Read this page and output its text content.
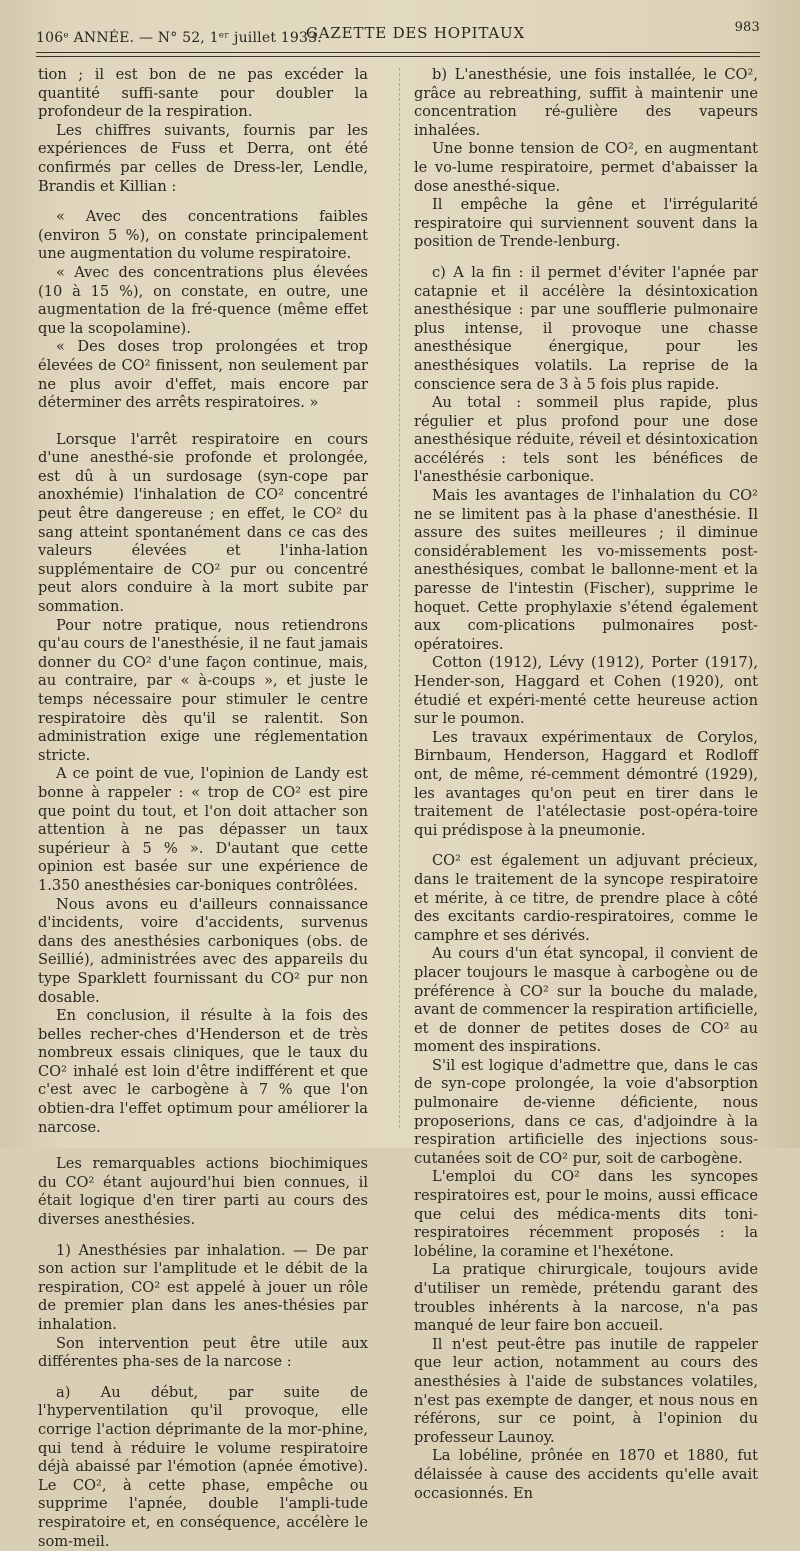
106ᵉ ANNÉE. — N° 52, 1ᵉʳ juillet 1933.
GAZETTE DES HOPITAUX	983

tion ; il est bon de ne pas excéder la quantité suffi-sante pour doubler la profondeur de la respiration.

Les chiffres suivants, fournis par les expériences de Fuss et Derra, ont été confirmés par celles de Dress-ler, Lendle, Brandis et Killian :

« Avec des concentrations faibles (environ 5 %), on constate principalement une augmentation du volume respiratoire.

« Avec des concentrations plus élevées (10 à 15 %), on constate, en outre, une augmentation de la fré-quence (même effet que la scopolamine).

« Des doses trop prolongées et trop élevées de CO² finissent, non seulement par ne plus avoir d'effet, mais encore par déterminer des arrêts respiratoires. »

Lorsque l'arrêt respiratoire en cours d'une anesthé-sie profonde et prolongée, est dû à un surdosage (syn-cope par anoxhémie) l'inhalation de CO² concentré peut être dangereuse ; en effet, le CO² du sang atteint spontanément dans ce cas des valeurs élevées et l'inha-lation supplémentaire de CO² pur ou concentré peut alors conduire à la mort subite par sommation.

Pour notre pratique, nous retiendrons qu'au cours de l'anesthésie, il ne faut jamais donner du CO² d'une façon continue, mais, au contraire, par « à-coups », et juste le temps nécessaire pour stimuler le centre respiratoire dès qu'il se ralentit. Son administration exige une réglementation stricte.

A ce point de vue, l'opinion de Landy est bonne à rappeler : « trop de CO² est pire que point du tout, et l'on doit attacher son attention à ne pas dépasser un taux supérieur à 5 % ». D'autant que cette opinion est basée sur une expérience de 1.350 anesthésies car-boniques contrôlées.

Nous avons eu d'ailleurs connaissance d'incidents, voire d'accidents, survenus dans des anesthésies carboniques (obs. de Seillié), administrées avec des appareils du type Sparklett fournissant du CO² pur non dosable.

En conclusion, il résulte à la fois des belles recher-ches d'Henderson et de très nombreux essais cliniques, que le taux du CO² inhalé est loin d'être indifférent et que c'est avec le carbogène à 7 % que l'on obtien-dra l'effet optimum pour améliorer la narcose.

Les remarquables actions biochimiques du CO² étant aujourd'hui bien connues, il était logique d'en tirer parti au cours des diverses anesthésies.

1) Anesthésies par inhalation. — De par son action sur l'amplitude et le débit de la respiration, CO² est appelé à jouer un rôle de premier plan dans les anes-thésies par inhalation.

Son intervention peut être utile aux différentes pha-ses de la narcose :

a) Au début, par suite de l'hyperventilation qu'il provoque, elle corrige l'action déprimante de la mor-phine, qui tend à réduire le volume respiratoire déjà abaissé par l'émotion (apnée émotive). Le CO², à cette phase, empêche ou supprime l'apnée, double l'ampli-tude respiratoire et, en conséquence, accélère le som-meil.

b) L'anesthésie, une fois installée, le CO², grâce au rebreathing, suffit à maintenir une concentration ré-gulière des vapeurs inhalées.

Une bonne tension de CO², en augmentant le vo-lume respiratoire, permet d'abaisser la dose anesthé-sique.

Il empêche la gêne et l'irrégularité respiratoire qui surviennent souvent dans la position de Trende-lenburg.

c) A la fin : il permet d'éviter l'apnée par catapnie et il accélère la désintoxication anesthésique : par une soufflerie pulmonaire plus intense, il provoque une chasse anesthésique énergique, pour les anesthésiques volatils. La reprise de la conscience sera de 3 à 5 fois plus rapide.

Au total : sommeil plus rapide, plus régulier et plus profond pour une dose anesthésique réduite, réveil et désintoxication accélérés : tels sont les bénéfices de l'anesthésie carbonique.

Mais les avantages de l'inhalation du CO² ne se limitent pas à la phase d'anesthésie. Il assure des suites meilleures ; il diminue considérablement les vo-missements post-anesthésiques, combat le ballonne-ment et la paresse de l'intestin (Fischer), supprime le hoquet. Cette prophylaxie s'étend également aux com-plications pulmonaires post-opératoires.

Cotton (1912), Lévy (1912), Porter (1917), Hender-son, Haggard et Cohen (1920), ont étudié et expéri-menté cette heureuse action sur le poumon.

Les travaux expérimentaux de Corylos, Birnbaum, Henderson, Haggard et Rodloff ont, de même, ré-cemment démontré (1929), les avantages qu'on peut en tirer dans le traitement de l'atélectasie post-opéra-toire qui prédispose à la pneumonie.

CO² est également un adjuvant précieux, dans le traitement de la syncope respiratoire et mérite, à ce titre, de prendre place à côté des excitants cardio-respiratoires, comme le camphre et ses dérivés.

Au cours d'un état syncopal, il convient de placer toujours le masque à carbogène ou de préférence à CO² sur la bouche du malade, avant de commencer la respiration artificielle, et de donner de petites doses de CO² au moment des inspirations.

S'il est logique d'admettre que, dans le cas de syn-cope prolongée, la voie d'absorption pulmonaire de-vienne déficiente, nous proposerions, dans ce cas, d'adjoindre à la respiration artificielle des injections sous-cutanées soit de CO² pur, soit de carbogène.

L'emploi du CO² dans les syncopes respiratoires est, pour le moins, aussi efficace que celui des médica-ments dits toni-respiratoires récemment proposés : la lobéline, la coramine et l'hexétone.

La pratique chirurgicale, toujours avide d'utiliser un remède, prétendu garant des troubles inhérents à la narcose, n'a pas manqué de leur faire bon accueil.

Il n'est peut-être pas inutile de rappeler que leur action, notamment au cours des anesthésies à l'aide de substances volatiles, n'est pas exempte de danger, et nous nous en référons, sur ce point, à l'opinion du professeur Launoy.

La lobéline, prônée en 1870 et 1880, fut délaissée à cause des accidents qu'elle avait occasionnés. En
